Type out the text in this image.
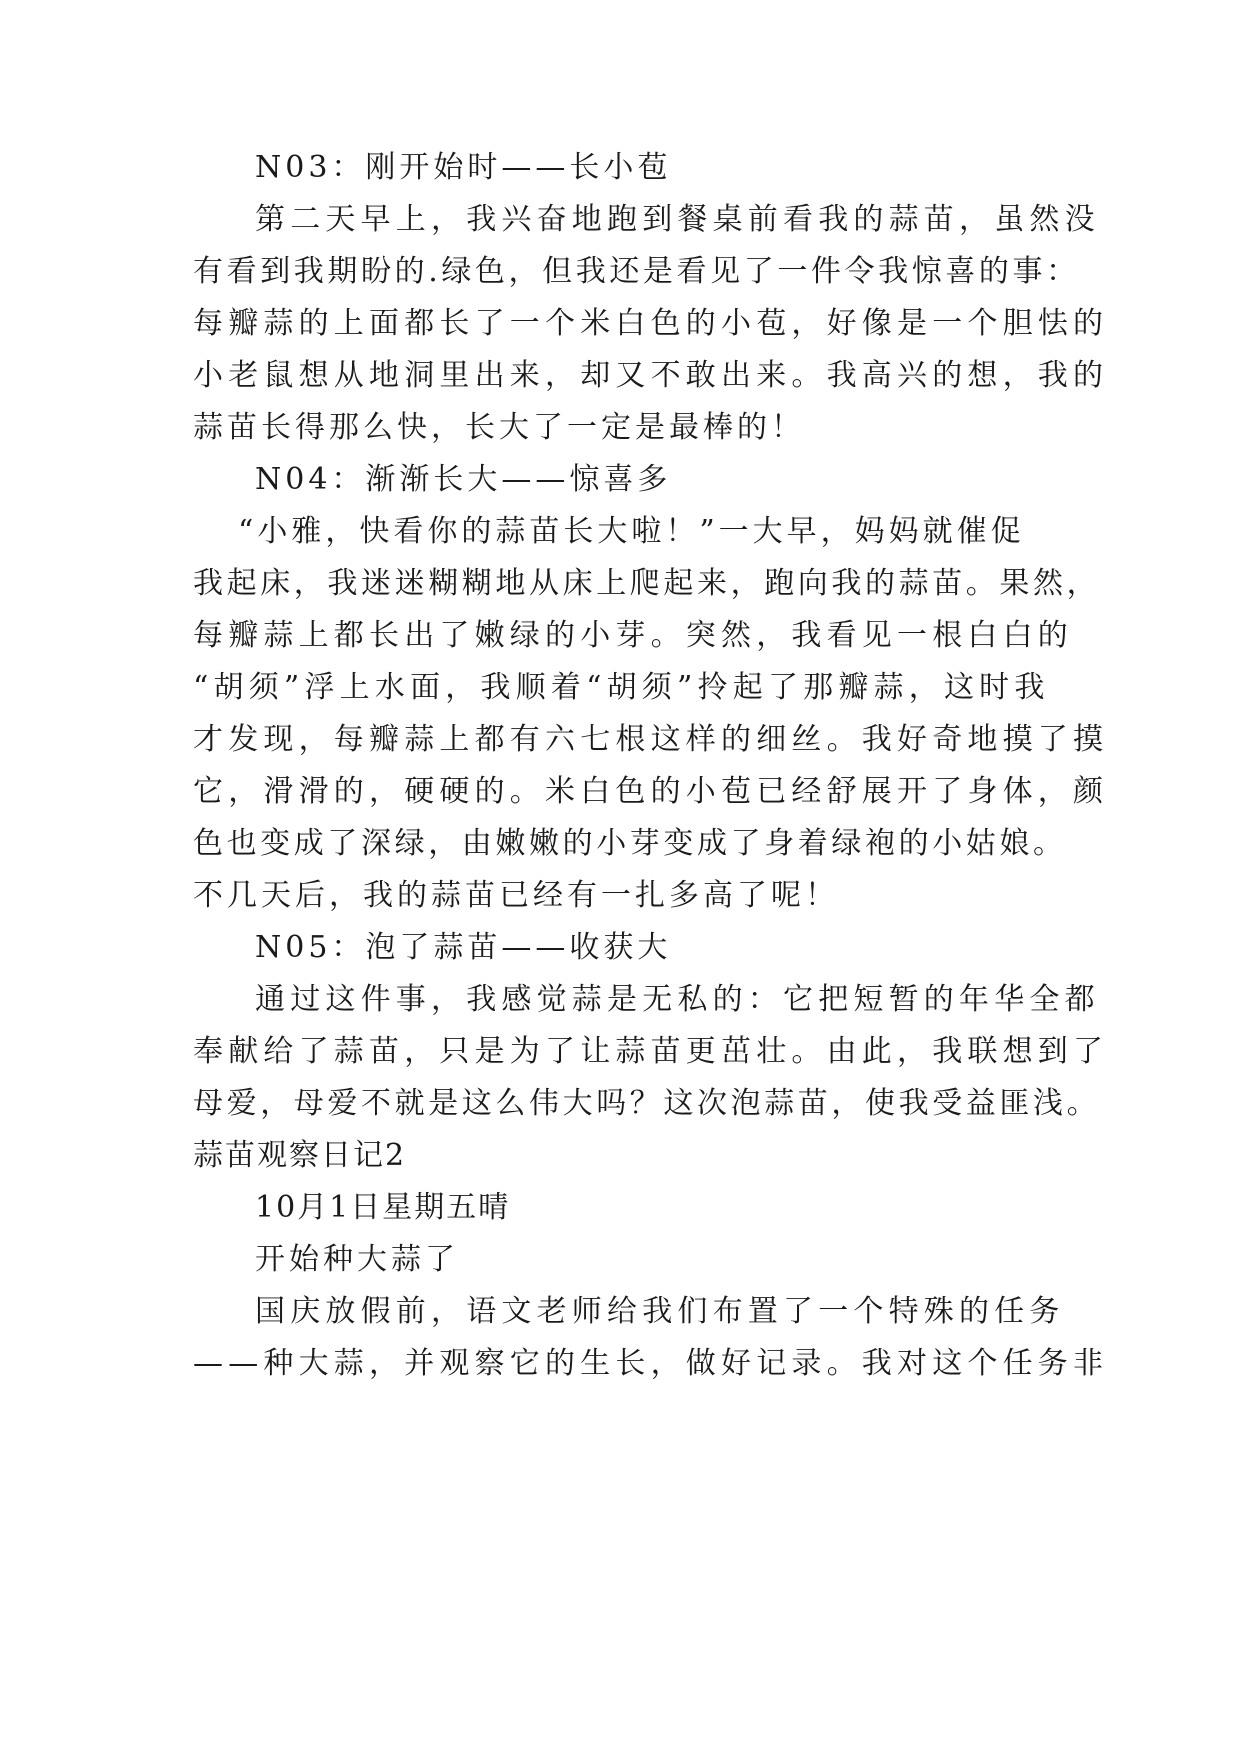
N03：刚开始时——长小苞
第二天早上，我兴奋地跑到餐桌前看我的蒜苗，虽然没
有看到我期盼的.绿色，但我还是看见了一件令我惊喜的事：
每瓣蒜的上面都长了一个米白色的小苞，好像是一个胆怯的
小老鼠想从地洞里出来，却又不敢出来。我高兴的想，我的
蒜苗长得那么快，长大了一定是最棒的！
N04：渐渐长大——惊喜多
“小雅，快看你的蒜苗长大啦！”一大早，妈妈就催促
我起床，我迷迷糊糊地从床上爬起来，跑向我的蒜苗。果然，
每瓣蒜上都长出了嫩绿的小芽。突然，我看见一根白白的
“胡须”浮上水面，我顺着“胡须”拎起了那瓣蒜，这时我
才发现，每瓣蒜上都有六七根这样的细丝。我好奇地摸了摸
它，滑滑的，硬硬的。米白色的小苞已经舒展开了身体，颜
色也变成了深绿，由嫩嫩的小芽变成了身着绿袍的小姑娘。
不几天后，我的蒜苗已经有一扎多高了呢！
N05：泡了蒜苗——收获大
通过这件事，我感觉蒜是无私的：它把短暂的年华全都
奉献给了蒜苗，只是为了让蒜苗更茁壮。由此，我联想到了
母爱，母爱不就是这么伟大吗？这次泡蒜苗，使我受益匪浅。
蒜苗观察日记2
10月1日星期五晴
开始种大蒜了
国庆放假前，语文老师给我们布置了一个特殊的任务
——种大蒜，并观察它的生长，做好记录。我对这个任务非
